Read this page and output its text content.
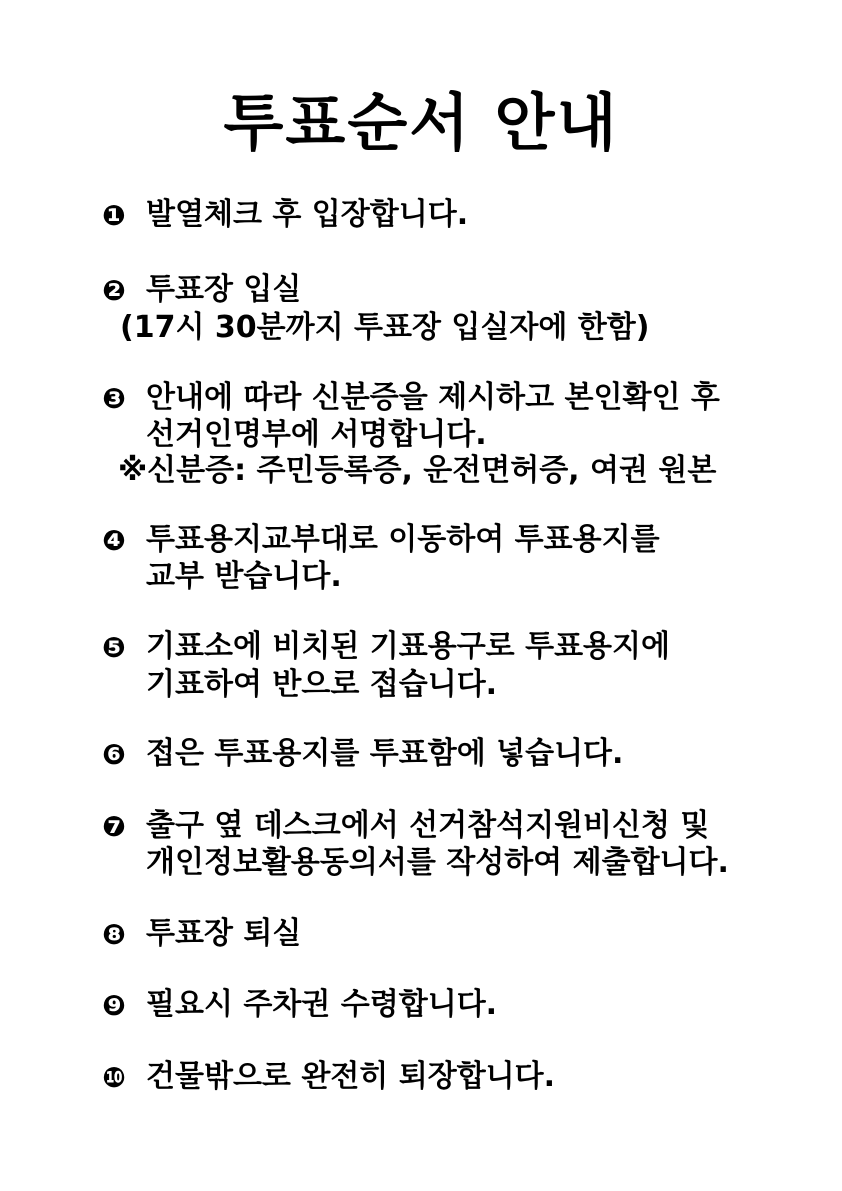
투표순서 안내
❶ 발열체크 후 입장합니다.
❷ 투표장 입실
(17시 30분까지 투표장 입실자에 한함)
❸ 안내에 따라 신분증을 제시하고 본인확인 후
선거인명부에 서명합니다.
※신분증: 주민등록증, 운전면허증, 여권 원본
❹ 투표용지교부대로 이동하여 투표용지를
교부 받습니다.
❺ 기표소에 비치된 기표용구로 투표용지에
기표하여 반으로 접습니다.
❻ 접은 투표용지를 투표함에 넣습니다.
❼ 출구 옆 데스크에서 선거참석지원비신청 및
개인정보활용동의서를 작성하여 제출합니다.
❽ 투표장 퇴실
❾ 필요시 주차권 수령합니다.
❿ 건물밖으로 완전히 퇴장합니다.
